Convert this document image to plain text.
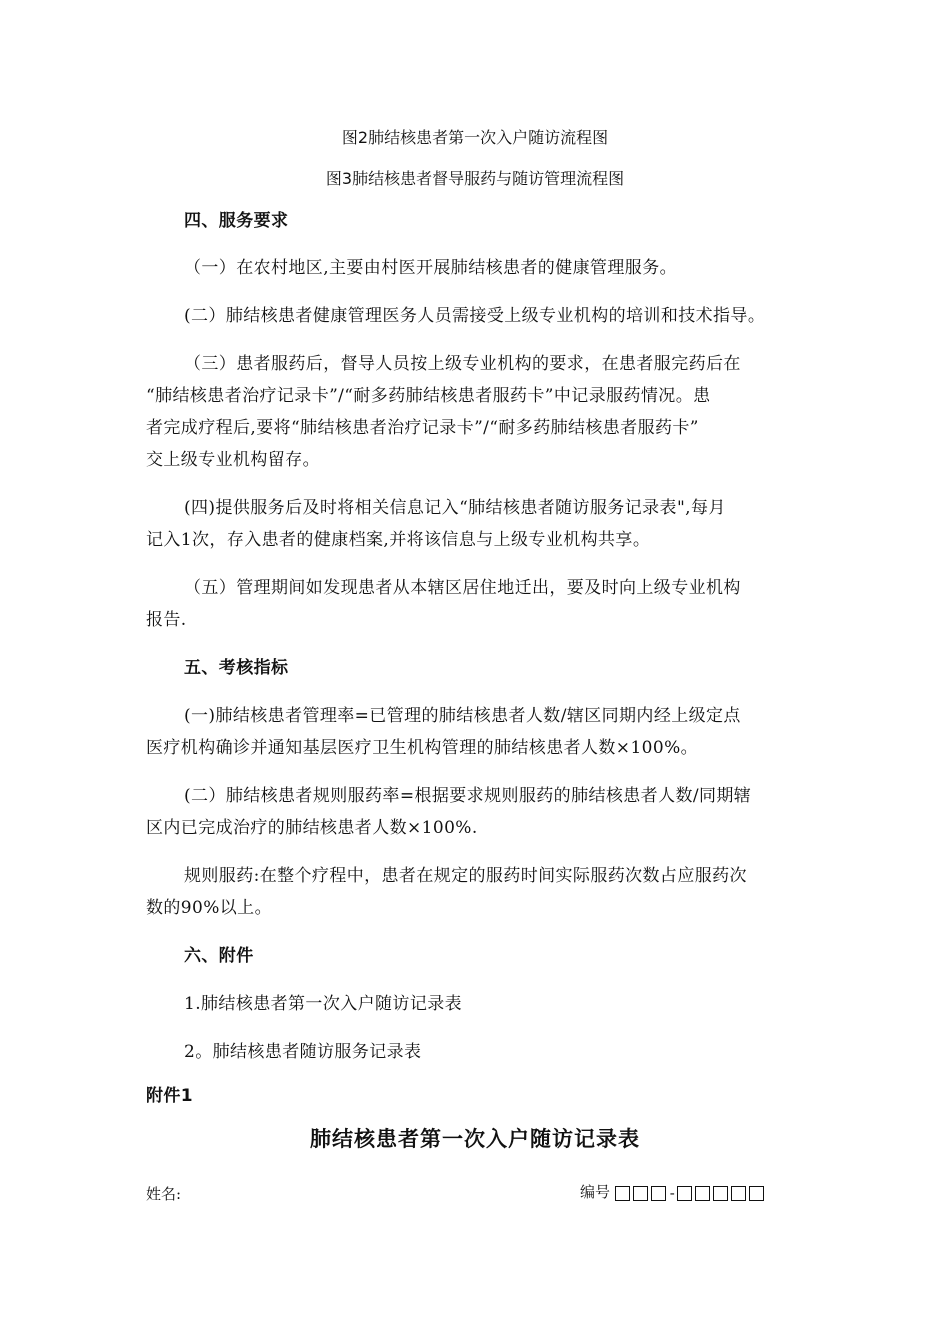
图2肺结核患者第一次入户随访流程图
图3肺结核患者督导服药与随访管理流程图
四、服务要求
（一）在农村地区,主要由村医开展肺结核患者的健康管理服务。
(二）肺结核患者健康管理医务人员需接受上级专业机构的培训和技术指导。
（三）患者服药后，督导人员按上级专业机构的要求，在患者服完药后在
“肺结核患者治疗记录卡”/“耐多药肺结核患者服药卡”中记录服药情况。患
者完成疗程后,要将“肺结核患者治疗记录卡”/“耐多药肺结核患者服药卡”
交上级专业机构留存。
(四)提供服务后及时将相关信息记入“肺结核患者随访服务记录表",每月
记入1次，存入患者的健康档案,并将该信息与上级专业机构共享。
（五）管理期间如发现患者从本辖区居住地迁出，要及时向上级专业机构
报告.
五、考核指标
(一)肺结核患者管理率=已管理的肺结核患者人数/辖区同期内经上级定点
医疗机构确诊并通知基层医疗卫生机构管理的肺结核患者人数×100%。
(二）肺结核患者规则服药率=根据要求规则服药的肺结核患者人数/同期辖
区内已完成治疗的肺结核患者人数×100%.
规则服药:在整个疗程中，患者在规定的服药时间实际服药次数占应服药次
数的90%以上。
六、附件
1.肺结核患者第一次入户随访记录表
2。肺结核患者随访服务记录表
附件1
肺结核患者第一次入户随访记录表
姓名:	编号	-
